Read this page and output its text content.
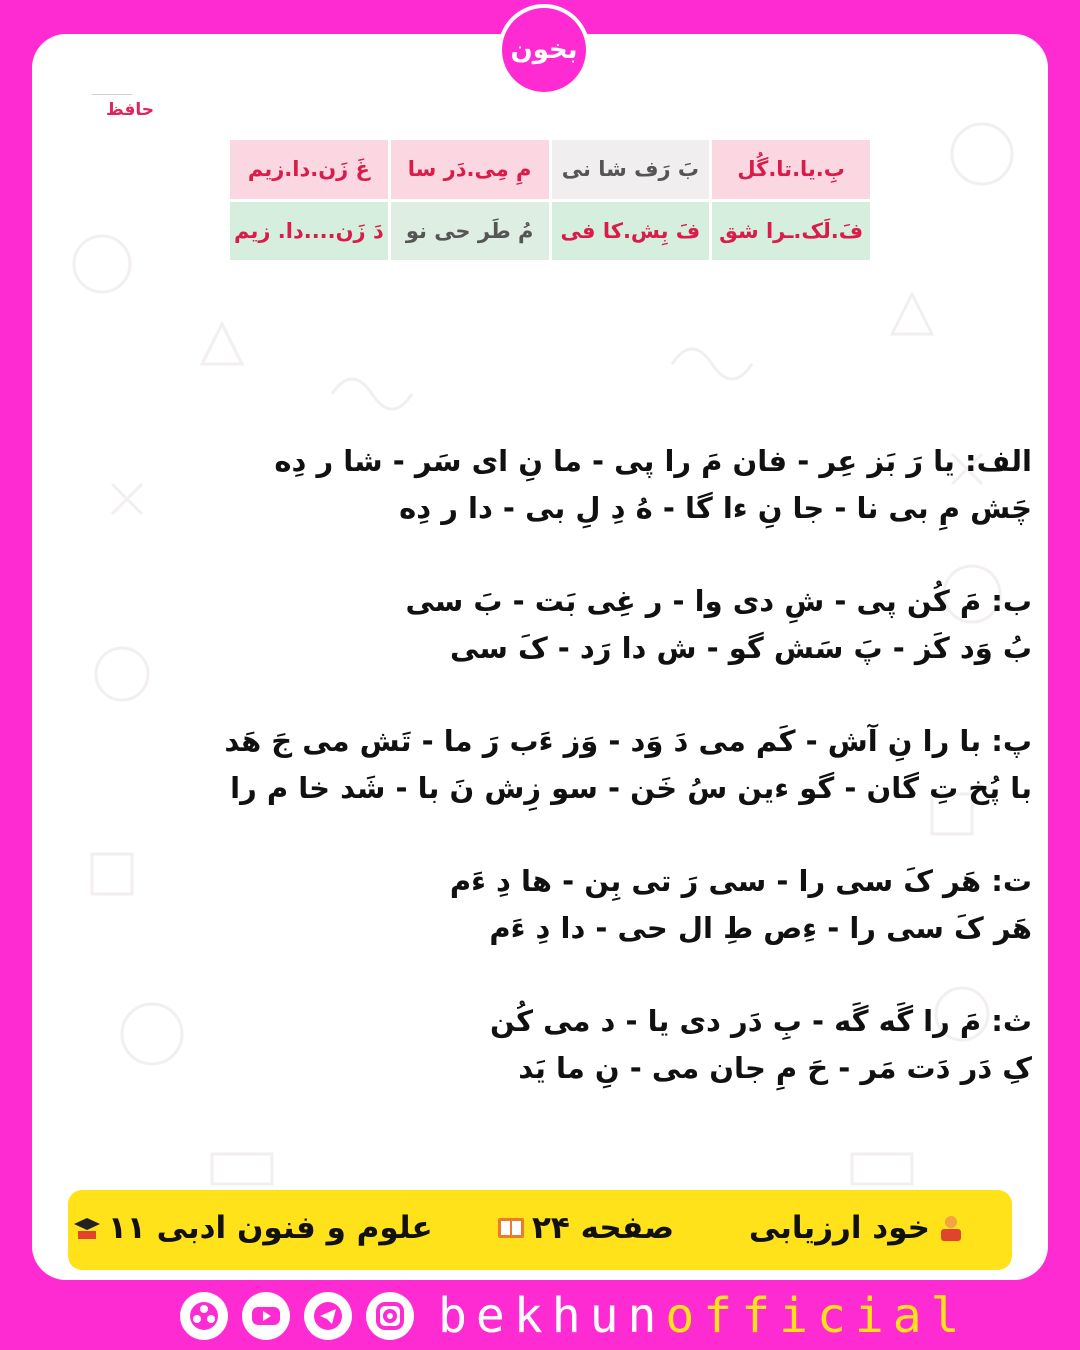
بخون
حافظ
بِ.یا.تا.گُل
بَ رَف شا نی
مِ مِی.دَر سا
غَ زَن.دا.زیم
فَ.لَک.ـرا شق
فَ بِش.کا فی
مُ طَر حی نو
دَ زَن....دا. زیم
الف: یا رَ بَز عِر - فان مَ را پی - ما نِ ای سَر - شا ر دِه
چَش مِ بی نا - جا نِ ءا گا - هُ دِ لِ بی - دا ر دِه
ب: مَ کُن پی - شِ دی وا - ر غِی بَت - بَ سی
بُ وَد کَز - پَ سَش گو - ش دا رَد - کَ سی
پ: با را نِ آش - کَم می دَ وَد - وَز ءَب رَ ما - تَش می جَ هَد
با پُخ تِ گان - گو ءین سُ خَن - سو زِش نَ با - شَد خا م را
ت: هَر کَ سی را - سی رَ تی بِن - ها دِ ءَم
هَر کَ سی را - ءِص طِ ال حی - دا دِ ءَم
ث: مَ را گَه گَه - بِ دَر دی یا - د می کُن
کِ دَر دَت مَر - حَ مِ جان می - نِ ما یَد
خود ارزیابی
صفحه ۲۴
علوم و فنون ادبی ۱۱
bekhunofficial
